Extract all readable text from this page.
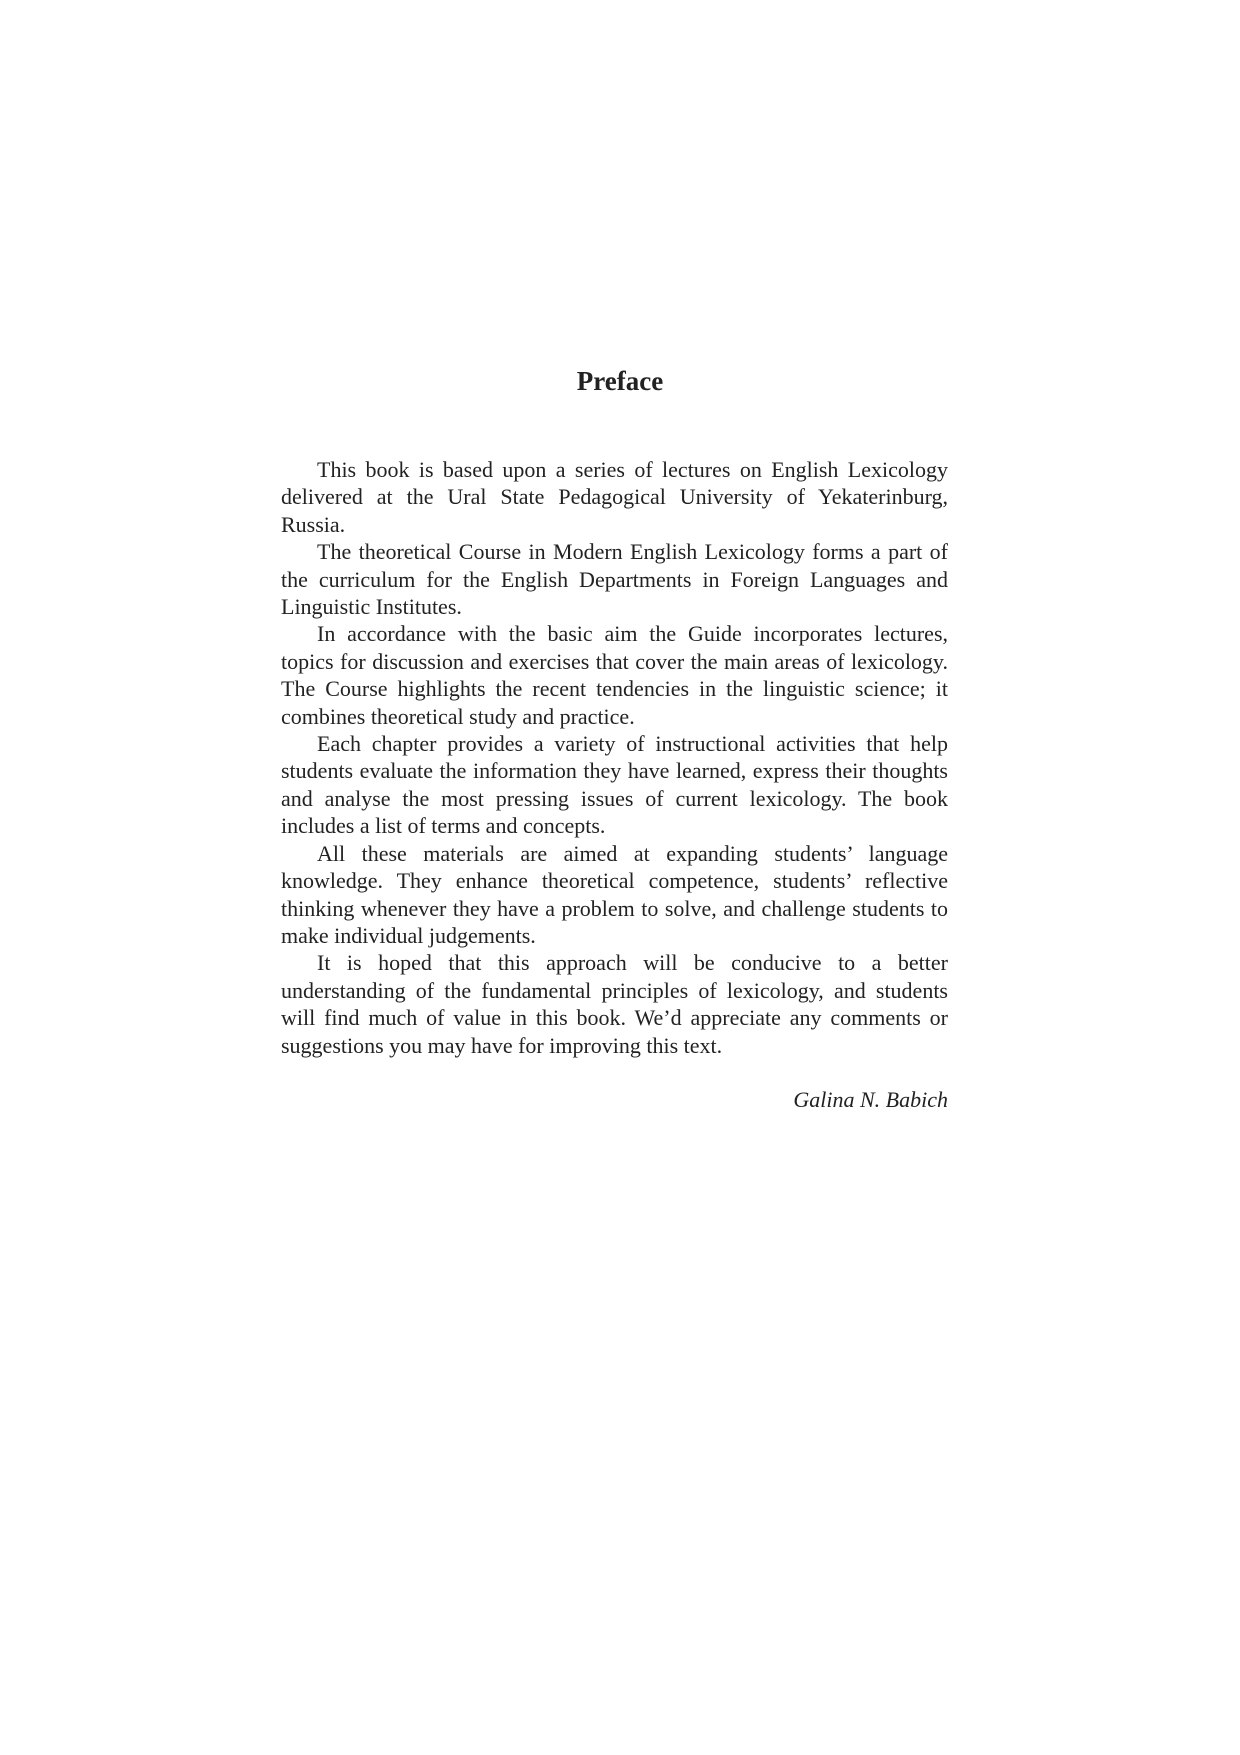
Preface

This book is based upon a series of lectures on English Lexicology delivered at the Ural State Pedagogical University of Yekaterinburg, Russia.

The theoretical Course in Modern English Lexicology forms a part of the curriculum for the English Departments in Foreign Languages and Linguistic Institutes.

In accordance with the basic aim the Guide incorporates lectures, topics for discussion and exercises that cover the main areas of lexicology. The Course highlights the recent tendencies in the linguistic science; it combines theoretical study and practice.

Each chapter provides a variety of instructional activities that help students evaluate the information they have learned, express their thoughts and analyse the most pressing issues of current lexicology. The book includes a list of terms and concepts.

All these materials are aimed at expanding students’ language knowledge. They enhance theoretical competence, students’ reflective thinking whenever they have a problem to solve, and challenge students to make individual judgements.

It is hoped that this approach will be conducive to a better understanding of the fundamental principles of lexicology, and students will find much of value in this book. We’d appreciate any comments or suggestions you may have for improving this text.

Galina N. Babich
